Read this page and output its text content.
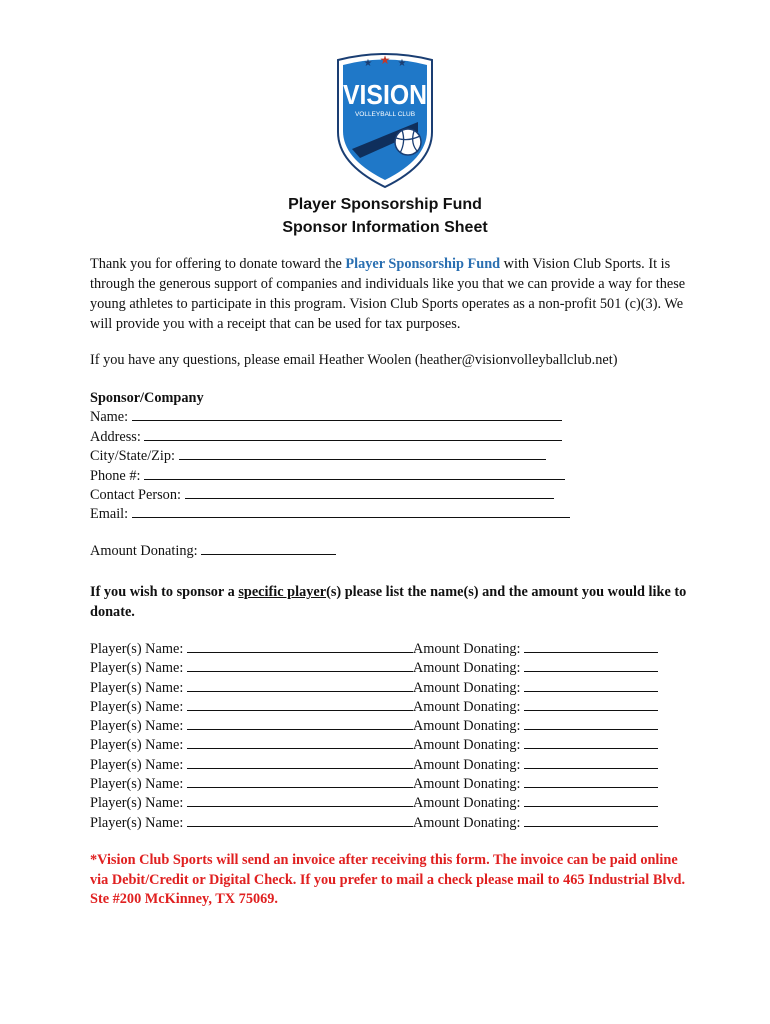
★ ★ ★
VISION
VOLLEYBALL CLUB
Player Sponsorship Fund
Sponsor Information Sheet

Thank you for offering to donate toward the Player Sponsorship Fund with Vision Club Sports. It is through the generous support of companies and individuals like you that we can provide a way for these young athletes to participate in this program. Vision Club Sports operates as a non-profit 501 (c)(3). We will provide you with a receipt that can be used for tax purposes.

If you have any questions, please email Heather Woolen (heather@visionvolleyballclub.net)

Sponsor/Company
Name:
Address:
City/State/Zip:
Phone #:
Contact Person:
Email:
Amount Donating:

If you wish to sponsor a specific player(s) please list the name(s) and the amount you would like to donate.

Player(s) Name:	Amount Donating:
Player(s) Name:	Amount Donating:
Player(s) Name:	Amount Donating:
Player(s) Name:	Amount Donating:
Player(s) Name:	Amount Donating:
Player(s) Name:	Amount Donating:
Player(s) Name:	Amount Donating:
Player(s) Name:	Amount Donating:
Player(s) Name:	Amount Donating:
Player(s) Name:	Amount Donating:

*Vision Club Sports will send an invoice after receiving this form. The invoice can be paid online via Debit/Credit or Digital Check. If you prefer to mail a check please mail to 465 Industrial Blvd. Ste #200 McKinney, TX 75069.
